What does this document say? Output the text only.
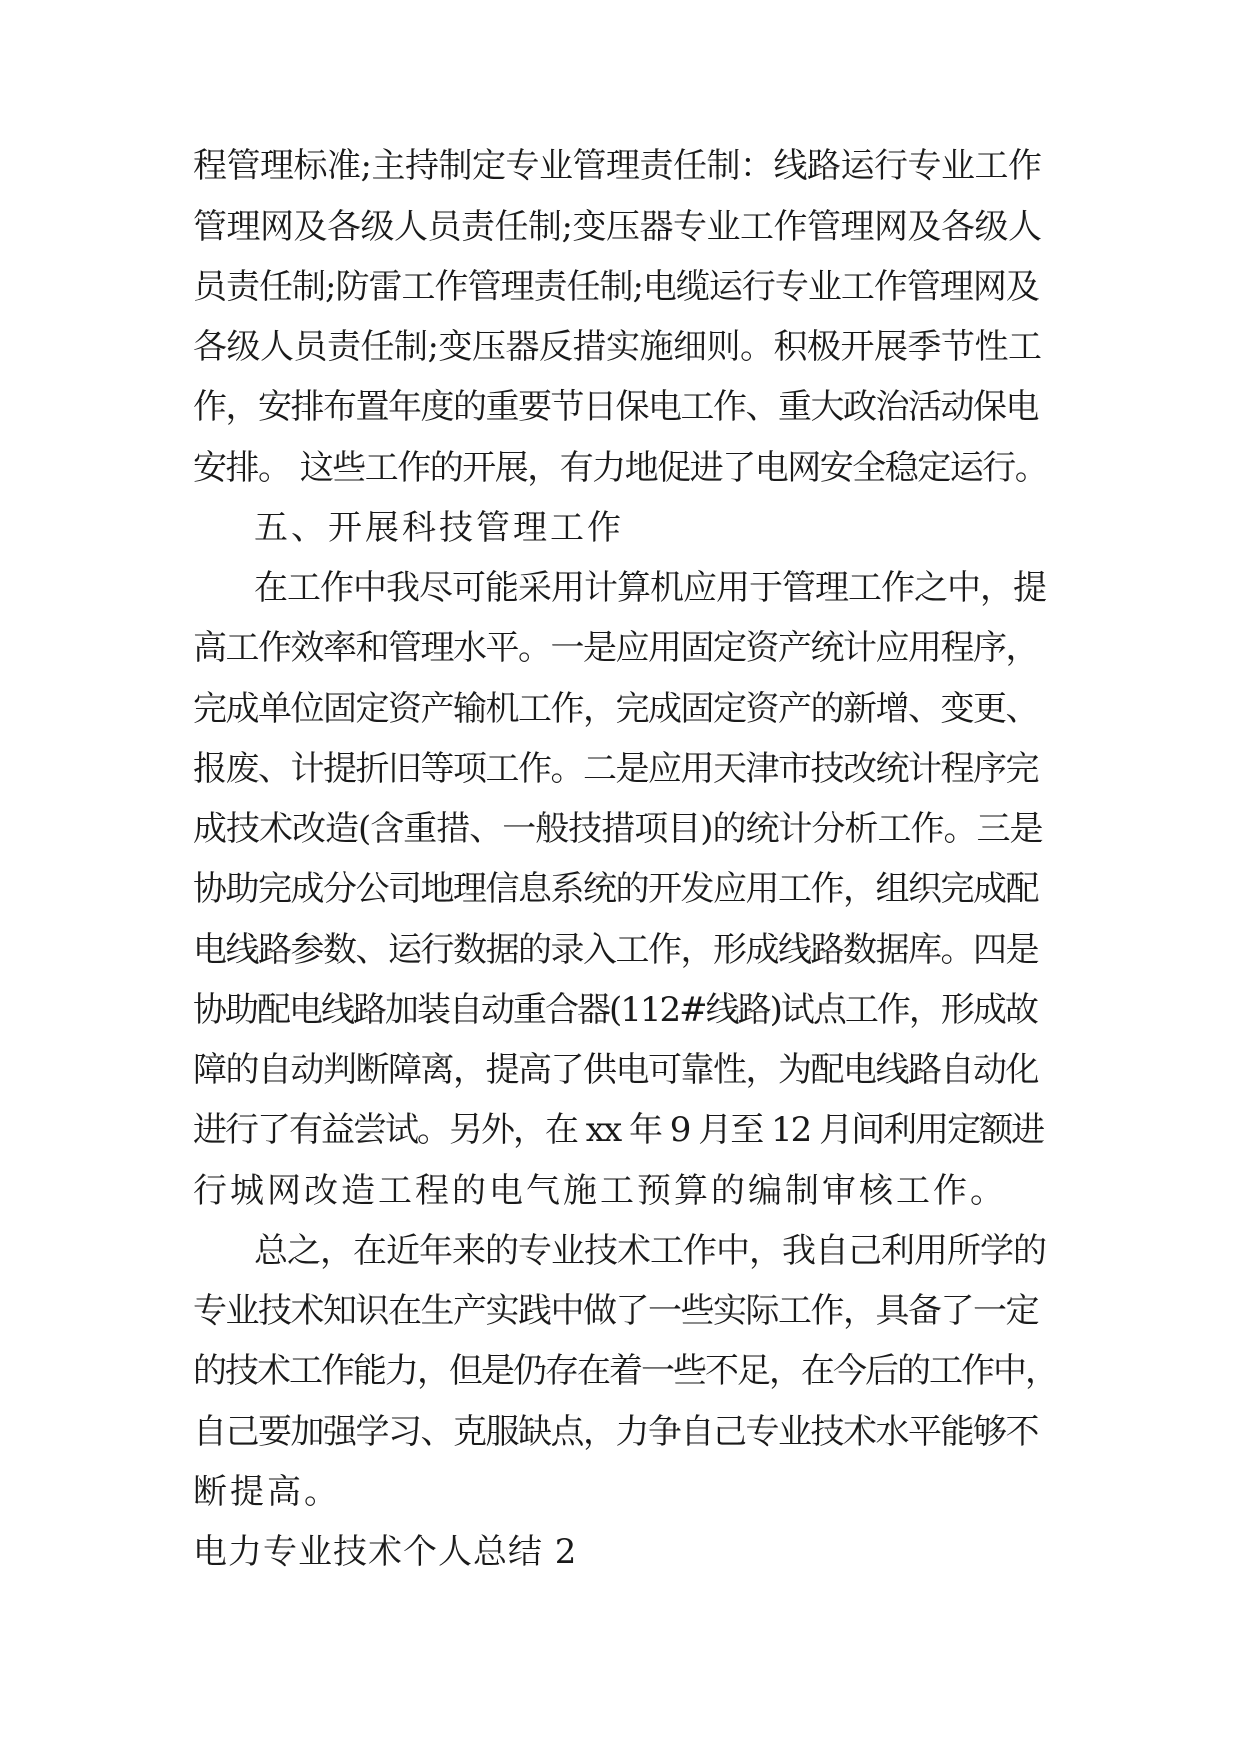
程管理标准;主持制定专业管理责任制：线路运行专业工作
管理网及各级人员责任制;变压器专业工作管理网及各级人
员责任制;防雷工作管理责任制;电缆运行专业工作管理网及
各级人员责任制;变压器反措实施细则。积极开展季节性工
作，安排布置年度的重要节日保电工作、重大政治活动保电
安排。 这些工作的开展，有力地促进了电网安全稳定运行。
五、开展科技管理工作
在工作中我尽可能采用计算机应用于管理工作之中，提
高工作效率和管理水平。一是应用固定资产统计应用程序，
完成单位固定资产输机工作，完成固定资产的新增、变更、
报废、计提折旧等项工作。二是应用天津市技改统计程序完
成技术改造(含重措、一般技措项目)的统计分析工作。三是
协助完成分公司地理信息系统的开发应用工作，组织完成配
电线路参数、运行数据的录入工作，形成线路数据库。四是
协助配电线路加装自动重合器(112#线路)试点工作，形成故
障的自动判断障离，提高了供电可靠性，为配电线路自动化
进行了有益尝试。另外，在 xx 年 9 月至 12 月间利用定额进
行城网改造工程的电气施工预算的编制审核工作。
总之，在近年来的专业技术工作中，我自己利用所学的
专业技术知识在生产实践中做了一些实际工作，具备了一定
的技术工作能力，但是仍存在着一些不足，在今后的工作中，
自己要加强学习、克服缺点，力争自己专业技术水平能够不
断提高。
电力专业技术个人总结 2
